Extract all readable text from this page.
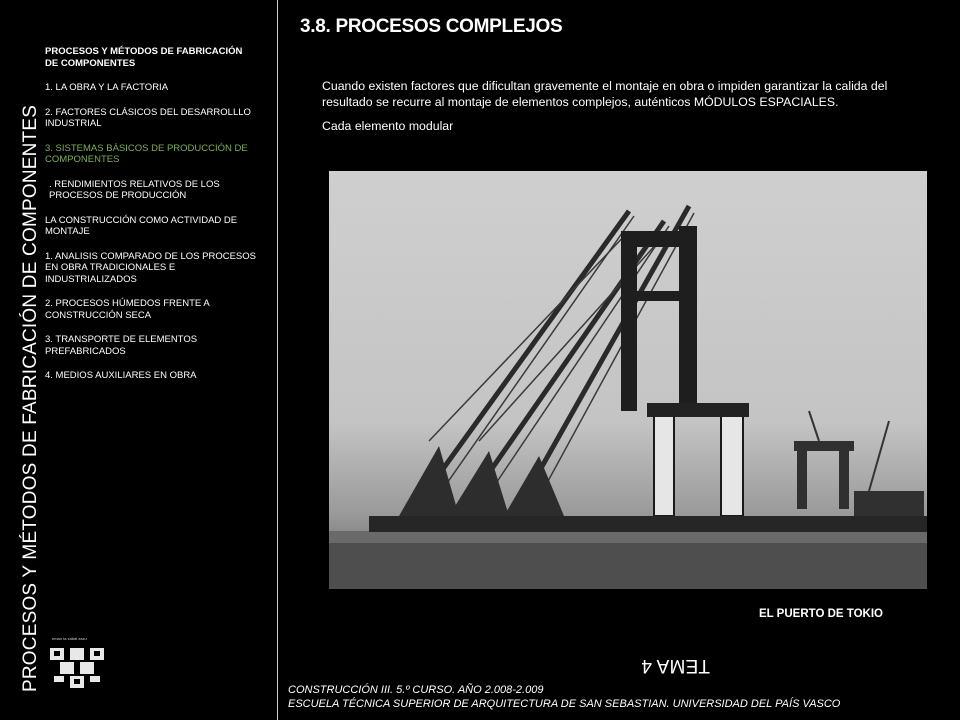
TEMA 4
PROCESOS Y MÉTODOS DE FABRICACIÓN DE COMPONENTES
PROCESOS Y MÉTODOS DE FABRICACIÓN
DE COMPONENTES
1. LA OBRA Y LA FACTORIA
2. FACTORES CLÁSICOS DEL DESARROLLLO INDUSTRIAL
3. SISTEMAS BÁSICOS DE PRODUCCIÓN DE COMPONENTES
. RENDIMIENTOS RELATIVOS DE LOS PROCESOS DE PRODUCCIÓN
LA CONSTRUCCIÓN COMO ACTIVIDAD DE MONTAJE
1. ANALISIS COMPARADO DE LOS PROCESOS EN OBRA TRADICIONALES E INDUSTRIALIZADOS
2. PROCESOS HÚMEDOS FRENTE A CONSTRUCCIÓN SECA
3. TRANSPORTE DE ELEMENTOS PREFABRICADOS
4. MEDIOS AUXILIARES EN OBRA
eman ta zabal zazu
3.8. PROCESOS COMPLEJOS

Cuando existen factores que dificultan gravemente el montaje en obra o impiden garantizar la calida del resultado se recurre al montaje de elementos complejos, auténticos MÓDULOS ESPACIALES.

Cada elemento modular

EL PUERTO DE TOKIO
CONSTRUCCIÓN III. 5.º CURSO. AÑO 2.008-2.009
ESCUELA TÉCNICA SUPERIOR DE ARQUITECTURA DE SAN SEBASTIAN. UNIVERSIDAD DEL PAÍS VASCO
